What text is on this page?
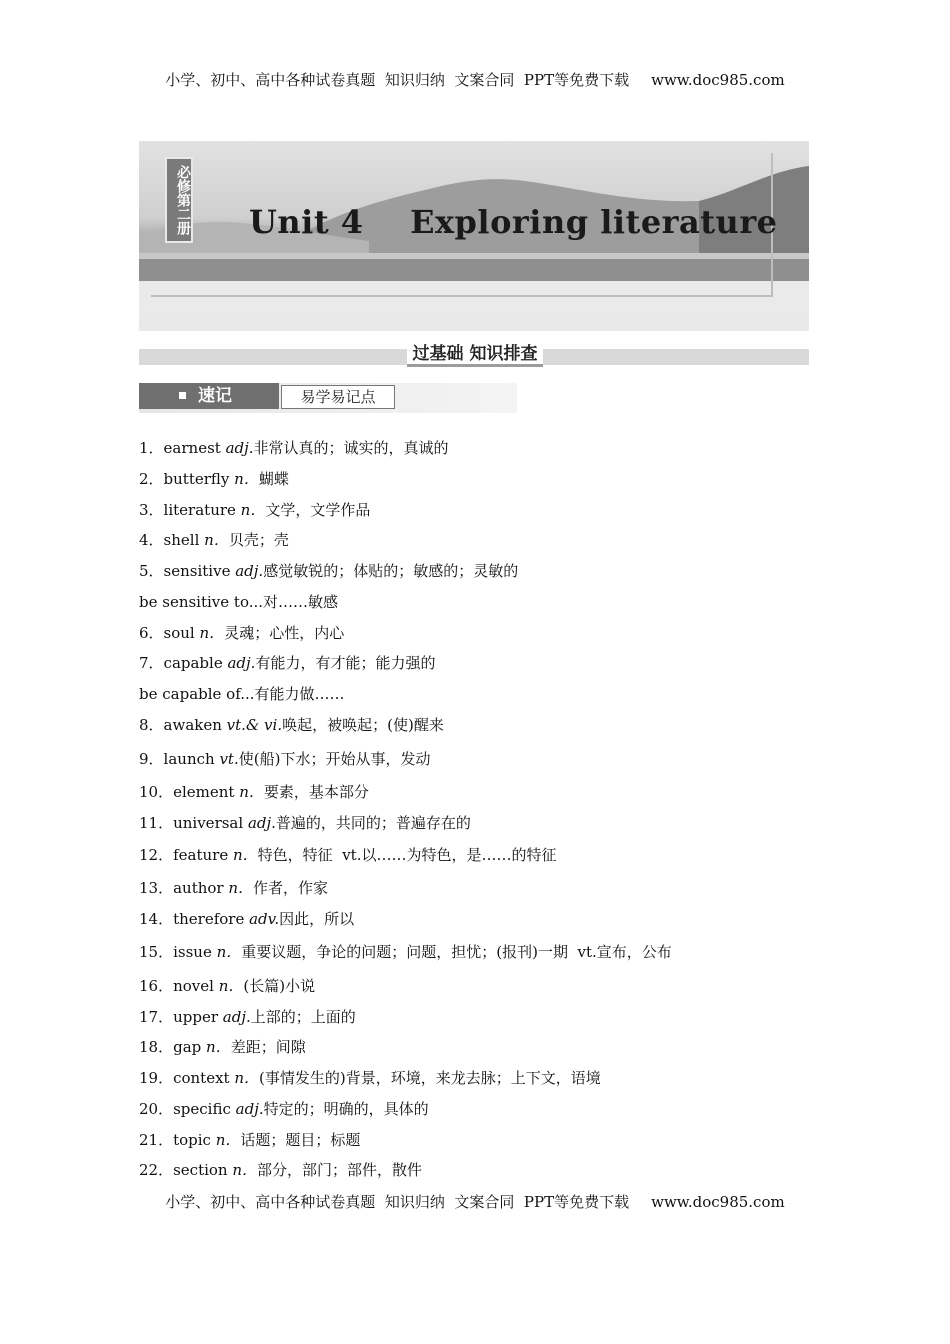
小学、初中、高中各种试卷真题  知识归纳  文案合同  PPT等免费下载 www.doc985.com
必修第二册 Unit 4    Exploring literature
过基础 知识排查
速记	易学易记点
1．earnest adj.非常认真的；诚实的，真诚的
2．butterfly n．蝴蝶
3．literature n．文学，文学作品
4．shell n．贝壳；壳
5．sensitive adj.感觉敏锐的；体贴的；敏感的；灵敏的
be sensitive to...对……敏感
6．soul n．灵魂；心性，内心
7．capable adj.有能力，有才能；能力强的
be capable of...有能力做……
8．awaken vt.& vi.唤起，被唤起；(使)醒来
9．launch vt.使(船)下水；开始从事，发动
10．element n．要素，基本部分
11．universal adj.普遍的，共同的；普遍存在的
12．feature n．特色，特征  vt.以……为特色，是……的特征
13．author n．作者，作家
14．therefore adv.因此，所以
15．issue n．重要议题，争论的问题；问题，担忧；(报刊)一期  vt.宣布，公布
16．novel n．(长篇)小说
17．upper adj.上部的；上面的
18．gap n．差距；间隙
19．context n．(事情发生的)背景，环境，来龙去脉；上下文，语境
20．specific adj.特定的；明确的，具体的
21．topic n．话题；题目；标题
22．section n．部分，部门；部件，散件
小学、初中、高中各种试卷真题  知识归纳  文案合同  PPT等免费下载 www.doc985.com
